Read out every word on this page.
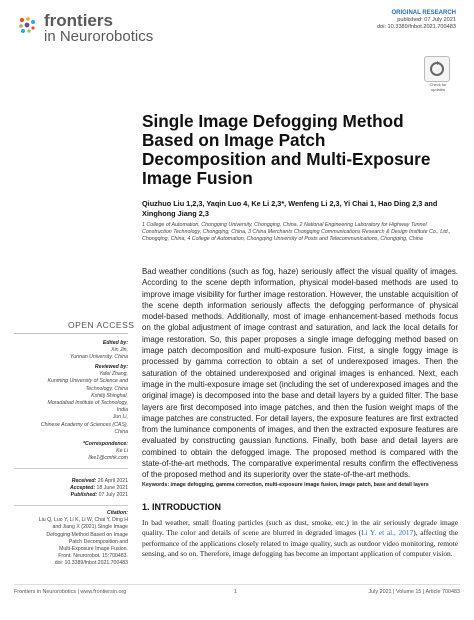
frontiers
in Neurorobotics
ORIGINAL RESEARCH
published: 07 July 2021
doi: 10.3389/fnbot.2021.700483
Check for updates
Single Image Defogging Method Based on Image Patch Decomposition and Multi-Exposure Image Fusion
Qiuzhuo Liu 1,2,3, Yaqin Luo 4, Ke Li 2,3*, Wenfeng Li 2,3, Yi Chai 1, Hao Ding 2,3 and Xinghong Jiang 2,3
1 College of Automation, Chongqing University, Chongqing, China, 2 National Engineering Laboratory for Highway Tunnel Construction Technology, Chongqing, China, 3 China Merchants Chongqing Communications Research & Design Institute Co., Ltd., Chongqing, China, 4 College of Automation, Chongqing University of Posts and Telecommunications, Chongqing, China
Bad weather conditions (such as fog, haze) seriously affect the visual quality of images. According to the scene depth information, physical model-based methods are used to improve image visibility for further image restoration. However, the unstable acquisition of the scene depth information seriously affects the defogging performance of physical model-based methods. Additionally, most of image enhancement-based methods focus on the global adjustment of image contrast and saturation, and lack the local details for image restoration. So, this paper proposes a single image defogging method based on image patch decomposition and multi-exposure fusion. First, a single foggy image is processed by gamma correction to obtain a set of underexposed images. Then the saturation of the obtained underexposed and original images is enhanced. Next, each image in the multi-exposure image set (including the set of underexposed images and the original image) is decomposed into the base and detail layers by a guided filter. The base layers are first decomposed into image patches, and then the fusion weight maps of the image patches are constructed. For detail layers, the exposure features are first extracted from the luminance components of images, and then the extracted exposure features are evaluated by constructing gaussian functions. Finally, both base and detail layers are combined to obtain the defogged image. The proposed method is compared with the state-of-the-art methods. The comparative experimental results confirm the effectiveness of the proposed method and its superiority over the state-of-the-art methods.
Keywords: image defogging, gamma correction, multi-exposure image fusion, image patch, base and detail layers
1. INTRODUCTION
In bad weather, small floating particles (such as dust, smoke, etc.) in the air seriously degrade image quality. The color and details of scene are blurred in degraded images (Li Y. et al., 2017), affecting the performance of the applications closely related to image quality, such as outdoor video monitoring, remote sensing, and so on. Therefore, image defogging has become an important application of computer vision.
OPEN ACCESS
Edited by:
Xin Jin,
Yunnan University, China
Reviewed by:
Yafei Zhang,
Kunming University of Science and
Technology, China
Kshitij Shinghal,
Moradabad Institute of Technology,
India
Jun Li,
Chinese Academy of Sciences (CAS),
China
*Correspondence:
Ke Li
like1@cmhk.com
Received: 26 April 2021
Accepted: 18 June 2021
Published: 07 July 2021
Citation:
Liu Q, Luo Y, Li K, Li W, Chai Y, Ding H
and Jiang X (2021) Single Image
Defogging Method Based on Image
Patch Decomposition and
Multi-Exposure Image Fusion.
Front. Neurorobot. 15:700483.
doi: 10.3389/fnbot.2021.700483
Frontiers in Neurorobotics | www.frontiersin.org	1	July 2021 | Volume 15 | Article 700483
